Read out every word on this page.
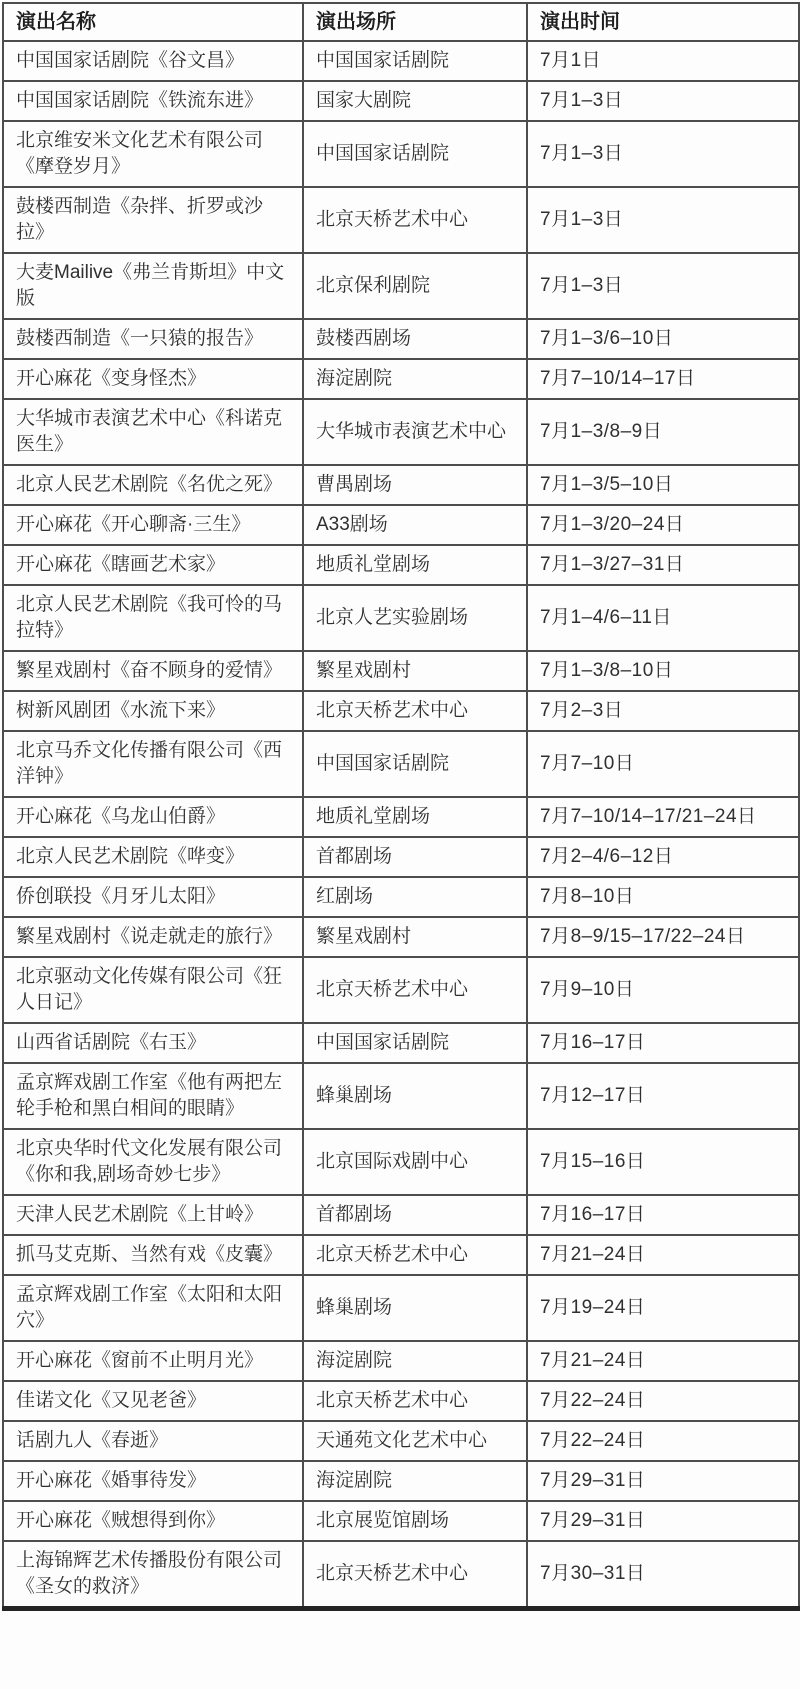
演出名称	演出场所	演出时间
中国国家话剧院《谷文昌》	中国国家话剧院	7月1日
中国国家话剧院《铁流东进》	国家大剧院	7月1–3日
北京维安米文化艺术有限公司《摩登岁月》	中国国家话剧院	7月1–3日
鼓楼西制造《杂拌、折罗或沙拉》	北京天桥艺术中心	7月1–3日
大麦Mailive《弗兰肯斯坦》中文版	北京保利剧院	7月1–3日
鼓楼西制造《一只猿的报告》	鼓楼西剧场	7月1–3/6–10日
开心麻花《变身怪杰》	海淀剧院	7月7–10/14–17日
大华城市表演艺术中心《科诺克医生》	大华城市表演艺术中心	7月1–3/8–9日
北京人民艺术剧院《名优之死》	曹禺剧场	7月1–3/5–10日
开心麻花《开心聊斋·三生》	A33剧场	7月1–3/20–24日
开心麻花《瞎画艺术家》	地质礼堂剧场	7月1–3/27–31日
北京人民艺术剧院《我可怜的马拉特》	北京人艺实验剧场	7月1–4/6–11日
繁星戏剧村《奋不顾身的爱情》	繁星戏剧村	7月1–3/8–10日
树新风剧团《水流下来》	北京天桥艺术中心	7月2–3日
北京马乔文化传播有限公司《西洋钟》	中国国家话剧院	7月7–10日
开心麻花《乌龙山伯爵》	地质礼堂剧场	7月7–10/14–17/21–24日
北京人民艺术剧院《哗变》	首都剧场	7月2–4/6–12日
侨创联投《月牙儿太阳》	红剧场	7月8–10日
繁星戏剧村《说走就走的旅行》	繁星戏剧村	7月8–9/15–17/22–24日
北京驱动文化传媒有限公司《狂人日记》	北京天桥艺术中心	7月9–10日
山西省话剧院《右玉》	中国国家话剧院	7月16–17日
孟京辉戏剧工作室《他有两把左轮手枪和黑白相间的眼睛》	蜂巢剧场	7月12–17日
北京央华时代文化发展有限公司《你和我,剧场奇妙七步》	北京国际戏剧中心	7月15–16日
天津人民艺术剧院《上甘岭》	首都剧场	7月16–17日
抓马艾克斯、当然有戏《皮囊》	北京天桥艺术中心	7月21–24日
孟京辉戏剧工作室《太阳和太阳穴》	蜂巢剧场	7月19–24日
开心麻花《窗前不止明月光》	海淀剧院	7月21–24日
佳诺文化《又见老爸》	北京天桥艺术中心	7月22–24日
话剧九人《春逝》	天通苑文化艺术中心	7月22–24日
开心麻花《婚事待发》	海淀剧院	7月29–31日
开心麻花《贼想得到你》	北京展览馆剧场	7月29–31日
上海锦辉艺术传播股份有限公司《圣女的救济》	北京天桥艺术中心	7月30–31日
